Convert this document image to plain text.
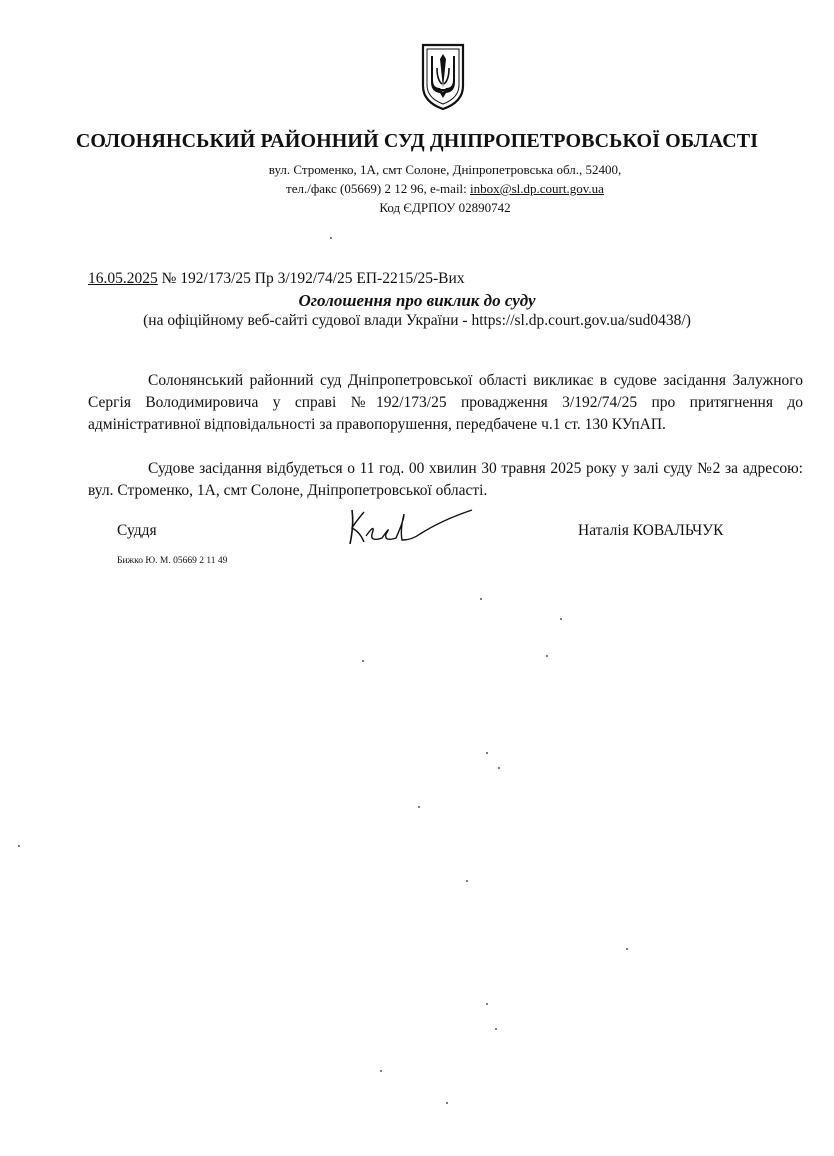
СОЛОНЯНСЬКИЙ РАЙОННИЙ СУД ДНІПРОПЕТРОВСЬКОЇ ОБЛАСТІ
вул. Строменко, 1А, смт Солоне, Дніпропетровська обл., 52400,
тел./факс (05669) 2 12 96, e-mail: inbox@sl.dp.court.gov.ua
Код ЄДРПОУ 02890742
16.05.2025 № 192/173/25 Пр 3/192/74/25 ЕП-2215/25-Вих
Оголошення про виклик до суду
(на офіційному веб-сайті судової влади України - https://sl.dp.court.gov.ua/sud0438/)
Солонянський районний суд Дніпропетровської області викликає в судове засідання Залужного Сергія Володимировича у справі №192/173/25 провадження 3/192/74/25 про притягнення до адміністративної відповідальності за правопорушення, передбачене ч.1 ст. 130 КУпАП.
Судове засідання відбудеться о 11 год. 00 хвилин 30 травня 2025 року у залі суду №2 за адресою: вул. Строменко, 1А, смт Солоне, Дніпропетровської області.
Суддя	Наталія КОВАЛЬЧУК
Бижко Ю. М. 05669 2 11 49
